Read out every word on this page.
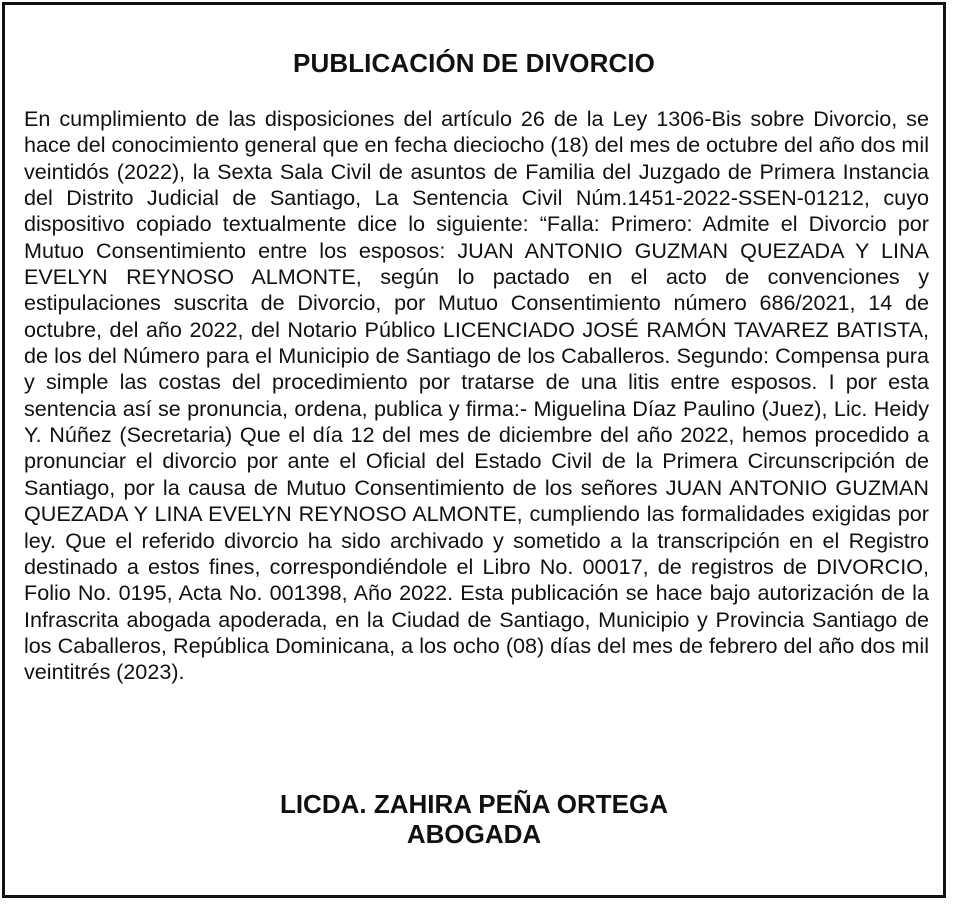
PUBLICACIÓN DE DIVORCIO
En cumplimiento de las disposiciones del artículo 26 de la Ley 1306-Bis sobre Divorcio, se hace del conocimiento general que en fecha dieciocho (18) del mes de octubre del año dos mil veintidós (2022), la Sexta Sala Civil de asuntos de Familia del Juzgado de Primera Instancia del Distrito Judicial de Santiago, La Sentencia Civil Núm.1451-2022-SSEN-01212, cuyo dispositivo copiado textualmente dice lo siguiente: “Falla: Primero: Admite el Divorcio por Mutuo Consentimiento entre los esposos: JUAN ANTONIO GUZMAN QUEZADA Y LINA EVELYN REYNOSO ALMONTE, según lo pactado en el acto de convenciones y estipulaciones suscrita de Divorcio, por Mutuo Consentimiento número 686/2021, 14 de octubre, del año 2022, del Notario Público LICENCIADO JOSÉ RAMÓN TAVAREZ BATISTA, de los del Número para el Municipio de Santiago de los Caballeros. Segundo: Compensa pura y simple las costas del procedimiento por tratarse de una litis entre esposos. I por esta sentencia así se pronuncia, ordena, publica y firma:- Miguelina Díaz Paulino (Juez), Lic. Heidy Y. Núñez (Secretaria) Que el día 12 del mes de diciembre del año 2022, hemos procedido a pronunciar el divorcio por ante el Oficial del Estado Civil de la Primera Circunscripción de Santiago, por la causa de Mutuo Consentimiento de los señores JUAN ANTONIO GUZMAN QUEZADA Y LINA EVELYN REYNOSO ALMONTE, cumpliendo las formalidades exigidas por ley. Que el referido divorcio ha sido archivado y sometido a la transcripción en el Registro destinado a estos fines, correspondiéndole el Libro No. 00017, de registros de DIVORCIO, Folio No. 0195, Acta No. 001398, Año 2022. Esta publicación se hace bajo autorización de la Infrascrita abogada apoderada, en la Ciudad de Santiago, Municipio y Provincia Santiago de los Caballeros, República Dominicana, a los ocho (08) días del mes de febrero del año dos mil veintitrés (2023).
LICDA. ZAHIRA PEÑA ORTEGA
ABOGADA
